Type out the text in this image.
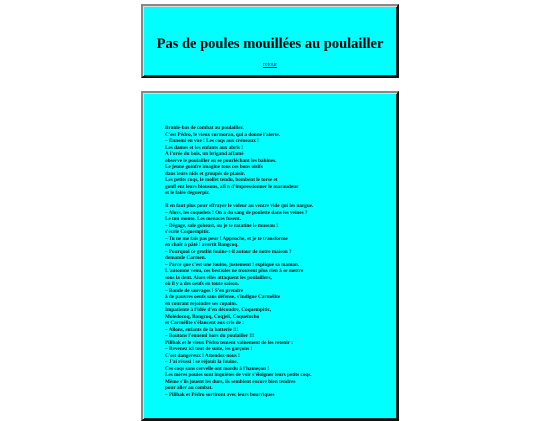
Pas de poules mouillées au poulailler
retour
Branle-bas de combat au poulailler.
C'est Pédro, le vieux cormoran, qui a donné l'alerte.
– Ennemi en vue ! Les coqs aux créneaux !
Les dames et les enfants aux abris !
À l'orée du bois, un brigand affamé
observe le poulailler en se pourléchant les babines.
Le jeune goinfre imagine tous ces bons oisifs
dans leurs nids et groupés de plaisir.
Les petits coqs, le mollet tendu, bombent le torse et
gonfl ent leurs blousons, afi n d'impressionner le maraudeur
et le faire déguerpir.
Il en faut plus pour effrayer le voleur au ventre vide qui les nargue.
– Alors, les coquelets ! On a du sang de poulette dans les veines ?
Le ton monte. Les menaces fusent.
– Dégage, sale goheast, ou je te ratatine le museau !
s'écrie Coquempitic.
– Tu ne me fais pas peur ! Approche, et je te transforme
en chair à pâté ! avertit Bangcoq.
– Pourquoi ce grotlin fouine-t-il autour de notre maison ?
demande Carmen.
– Parce que c'est une fouine, justement ! explique sa maman.
L'automne venu, ces bestioles ne trouvent plus rien à se mettre
sous la dent. Alors elles attaquent les poulaillers,
où il y a des oeufs en toute saison.
– Bande de sauvages ! S'en prendre
à de pauvres oeufs sans défense, s'indigne Carmélite
en courant rejoindre ses copains.
Impatiente à l'idée d'en découdre, Coquempitic,
Molédocoq, Bangcoq, Coqjeli, Coquelucho
et Carmélite s'élancent aux cris de :
– Allons, enfants de la batterie !!!
– Boutons l'ennemi hors du poulailler !!!
Pilibak et le vieux Pédro tentent vainement de les retenir :
– Revenez ici tout de suite, les garçons !
C'est dangereux ! Attendez-nous !
– J'ai réussi ! se réjouit la fouine.
Ces coqs sans cervelle ont mordu à l'hameçon !
Les mères poules sont inquiètes de voir s'éloigner leurs petits coqs.
Même s'ils jouent les durs, ils semblent encore bien tendres
pour aller au combat.
– Pilibak et Pédro sortiront avec leurs bourriques
